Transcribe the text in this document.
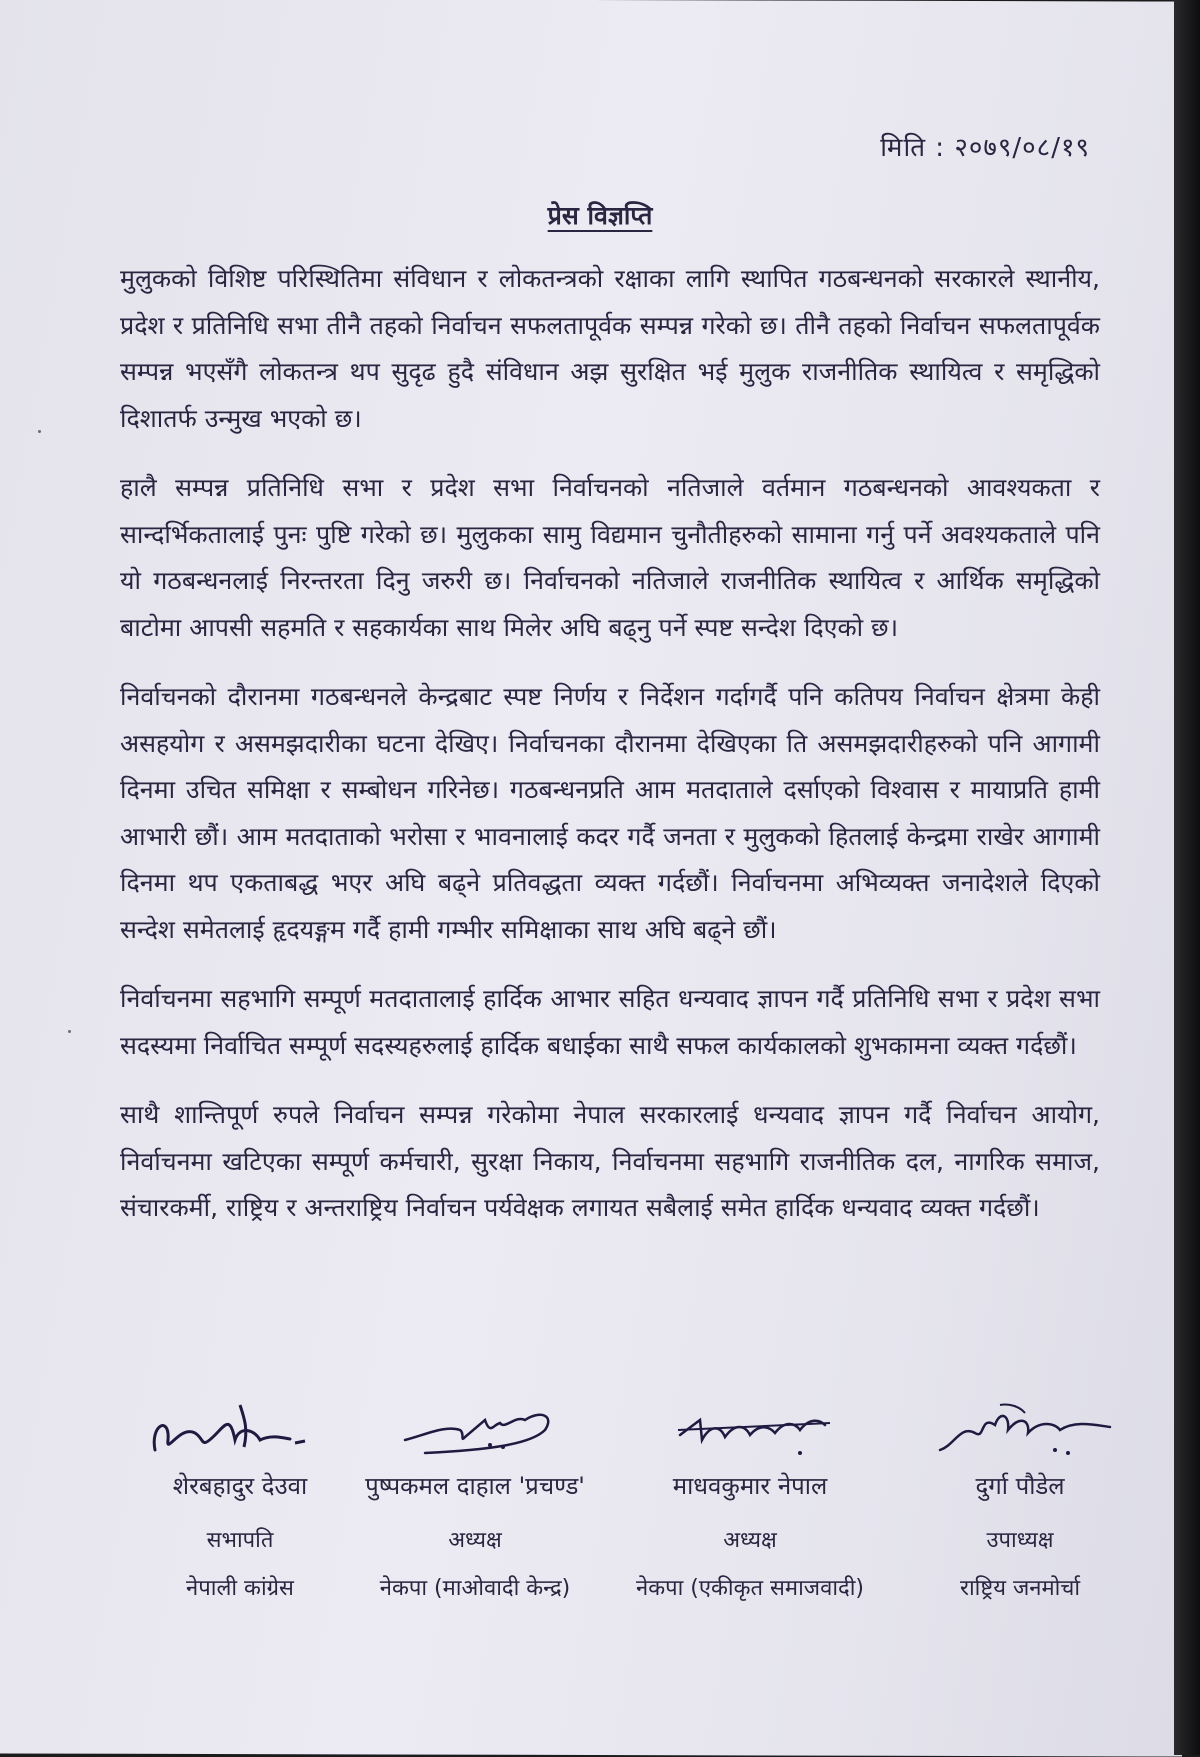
मिति : २०७९/०८/१९
प्रेस विज्ञप्ति

मुलुकको विशिष्ट परिस्थितिमा संविधान र लोकतन्त्रको रक्षाका लागि स्थापित गठबन्धनको सरकारले स्थानीय, प्रदेश र प्रतिनिधि सभा तीनै तहको निर्वाचन सफलतापूर्वक सम्पन्न गरेको छ। तीनै तहको निर्वाचन सफलतापूर्वक सम्पन्न भएसँगै लोकतन्त्र थप सुदृढ हुदै संविधान अझ सुरक्षित भई मुलुक राजनीतिक स्थायित्व र समृद्धिको दिशातर्फ उन्मुख भएको छ।

हालै सम्पन्न प्रतिनिधि सभा र प्रदेश सभा निर्वाचनको नतिजाले वर्तमान गठबन्धनको आवश्यकता र सान्दर्भिकतालाई पुनः पुष्टि गरेको छ। मुलुकका सामु विद्यमान चुनौतीहरुको सामाना गर्नु पर्ने अवश्यकताले पनि यो गठबन्धनलाई निरन्तरता दिनु जरुरी छ। निर्वाचनको नतिजाले राजनीतिक स्थायित्व र आर्थिक समृद्धिको बाटोमा आपसी सहमति र सहकार्यका साथ मिलेर अघि बढ्नु पर्ने स्पष्ट सन्देश दिएको छ।

निर्वाचनको दौरानमा गठबन्धनले केन्द्रबाट स्पष्ट निर्णय र निर्देशन गर्दागर्दै पनि कतिपय निर्वाचन क्षेत्रमा केही असहयोग र असमझदारीका घटना देखिए। निर्वाचनका दौरानमा देखिएका ति असमझदारीहरुको पनि आगामी दिनमा उचित समिक्षा र सम्बोधन गरिनेछ। गठबन्धनप्रति आम मतदाताले दर्साएको विश्वास र मायाप्रति हामी आभारी छौं। आम मतदाताको भरोसा र भावनालाई कदर गर्दै जनता र मुलुकको हितलाई केन्द्रमा राखेर आगामी दिनमा थप एकताबद्ध भएर अघि बढ्ने प्रतिवद्धता व्यक्त गर्दछौं। निर्वाचनमा अभिव्यक्त जनादेशले दिएको सन्देश समेतलाई हृदयङ्गम गर्दै हामी गम्भीर समिक्षाका साथ अघि बढ्ने छौं।

निर्वाचनमा सहभागि सम्पूर्ण मतदातालाई हार्दिक आभार सहित धन्यवाद ज्ञापन गर्दै प्रतिनिधि सभा र प्रदेश सभा सदस्यमा निर्वाचित सम्पूर्ण सदस्यहरुलाई हार्दिक बधाईका साथै सफल कार्यकालको शुभकामना व्यक्त गर्दछौं।

साथै शान्तिपूर्ण रुपले निर्वाचन सम्पन्न गरेकोमा नेपाल सरकारलाई धन्यवाद ज्ञापन गर्दै निर्वाचन आयोग, निर्वाचनमा खटिएका सम्पूर्ण कर्मचारी, सुरक्षा निकाय, निर्वाचनमा सहभागि राजनीतिक दल, नागरिक समाज, संचारकर्मी, राष्ट्रिय र अन्तराष्ट्रिय निर्वाचन पर्यवेक्षक लगायत सबैलाई समेत हार्दिक धन्यवाद व्यक्त गर्दछौं।

शेरबहादुर देउवा
सभापति
नेपाली कांग्रेस
पुष्पकमल दाहाल 'प्रचण्ड'
अध्यक्ष
नेकपा (माओवादी केन्द्र)
माधवकुमार नेपाल
अध्यक्ष
नेकपा (एकीकृत समाजवादी)
दुर्गा पौडेल
उपाध्यक्ष
राष्ट्रिय जनमोर्चा
